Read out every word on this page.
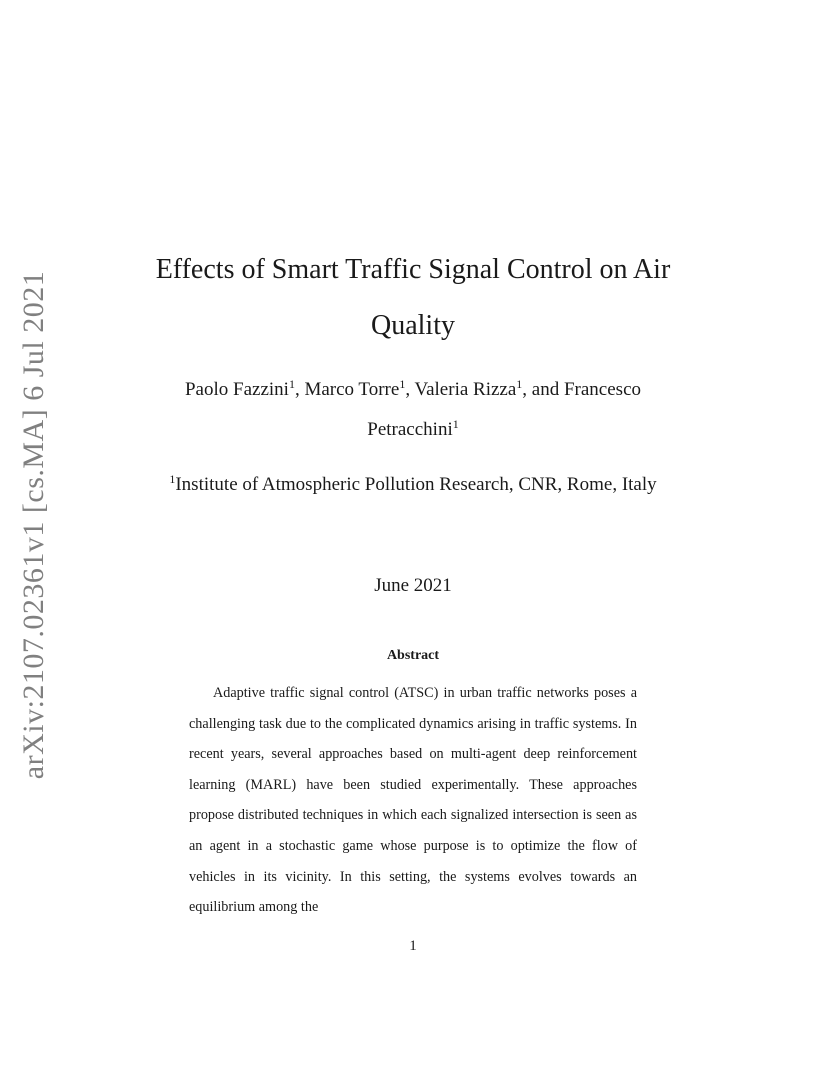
arXiv:2107.02361v1 [cs.MA] 6 Jul 2021
Effects of Smart Traffic Signal Control on Air Quality
Paolo Fazzini$^1$, Marco Torre$^1$, Valeria Rizza$^1$, and Francesco Petracchini$^1$
$^1$Institute of Atmospheric Pollution Research, CNR, Rome, Italy
June 2021
Abstract

Adaptive traffic signal control (ATSC) in urban traffic networks poses a challenging task due to the complicated dynamics arising in traffic systems. In recent years, several approaches based on multi-agent deep reinforcement learning (MARL) have been studied experimentally. These approaches propose distributed techniques in which each signalized intersection is seen as an agent in a stochastic game whose purpose is to optimize the flow of vehicles in its vicinity. In this setting, the systems evolves towards an equilibrium among the

1
